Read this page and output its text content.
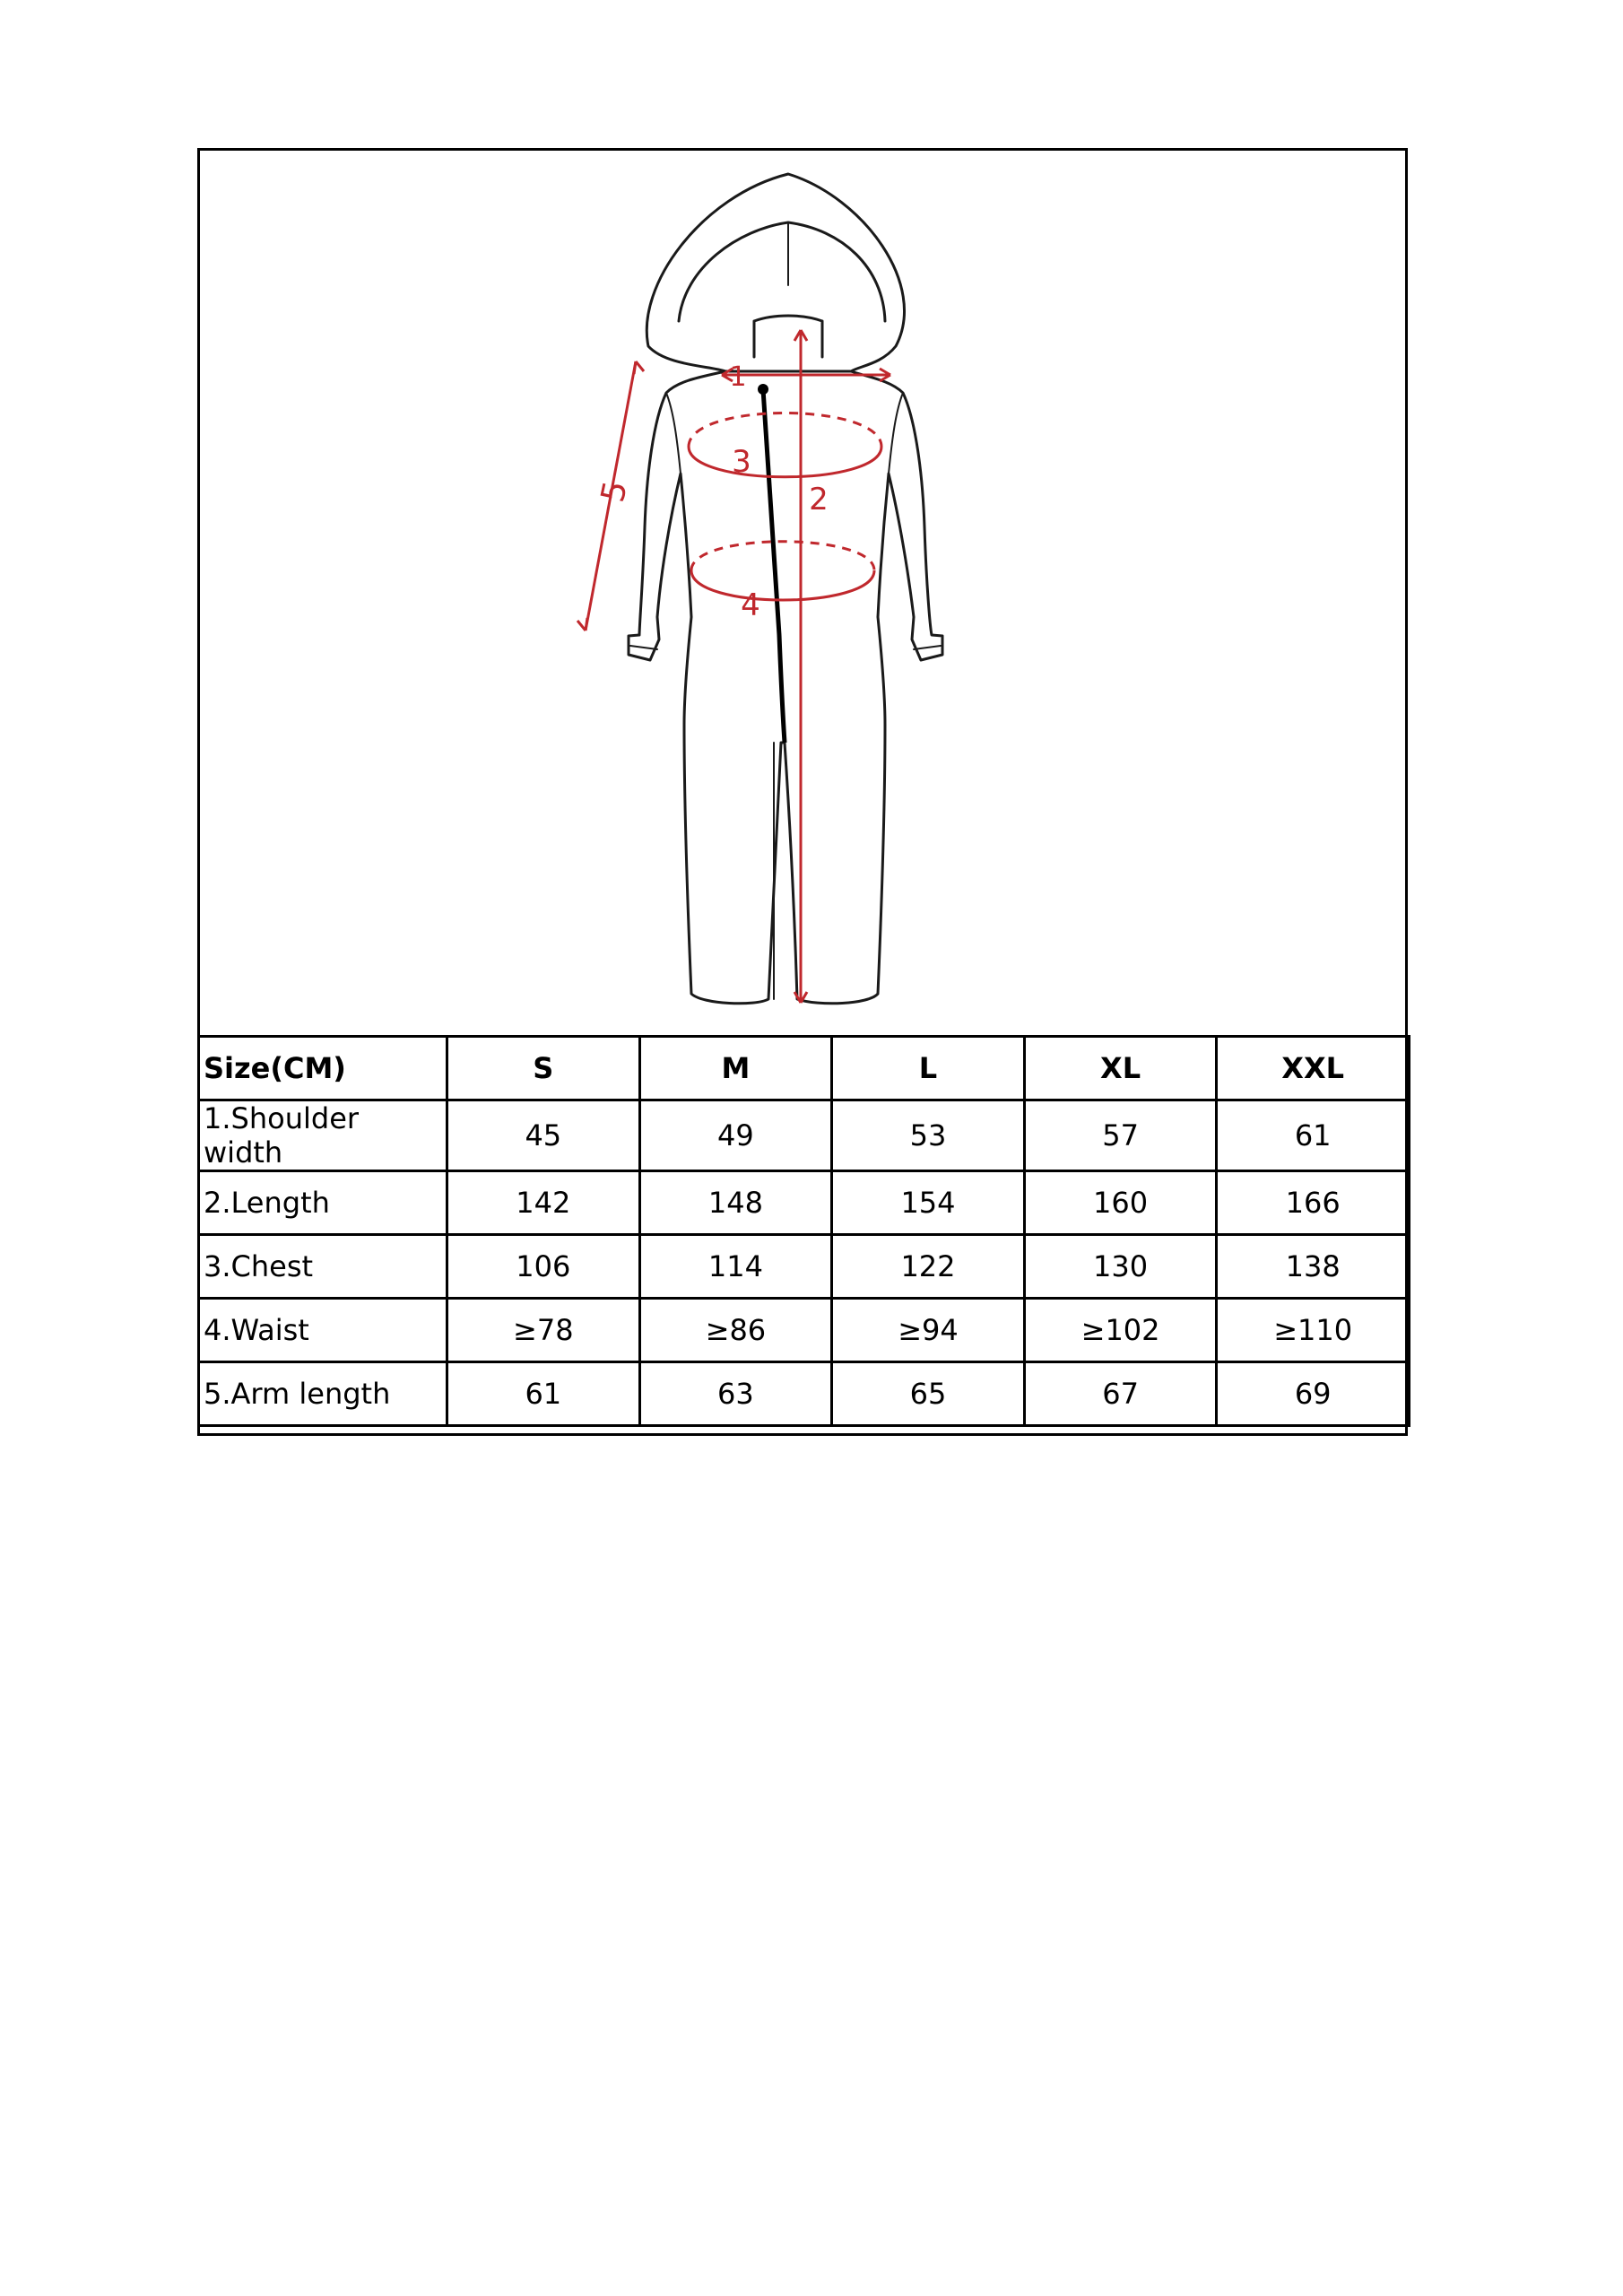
1
2
3
4
5
Size(CM)	S	M	L	XL	XXL
1.Shoulder width	45	49	53	57	61
2.Length	142	148	154	160	166
3.Chest	106	114	122	130	138
4.Waist	≥78	≥86	≥94	≥102	≥110
5.Arm length	61	63	65	67	69
